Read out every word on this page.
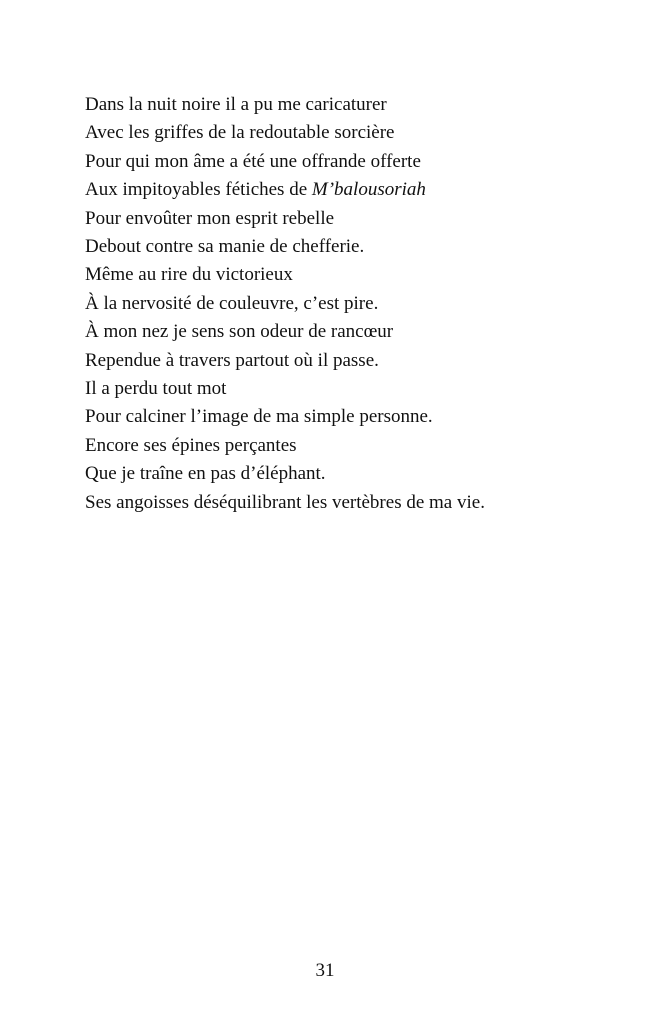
Dans la nuit noire il a pu me caricaturer
Avec les griffes de la redoutable sorcière
Pour qui mon âme a été une offrande offerte
Aux impitoyables fétiches de M’balousoriah
Pour envoûter mon esprit rebelle
Debout contre sa manie de chefferie.
Même au rire du victorieux
À la nervosité de couleuvre, c’est pire.
À mon nez je sens son odeur de rancœur
Rependue à travers partout où il passe.
Il a perdu tout mot
Pour calciner l’image de ma simple personne.
Encore ses épines perçantes
Que je traîne en pas d’éléphant.
Ses angoisses déséquilibrant les vertèbres de ma vie.
31
